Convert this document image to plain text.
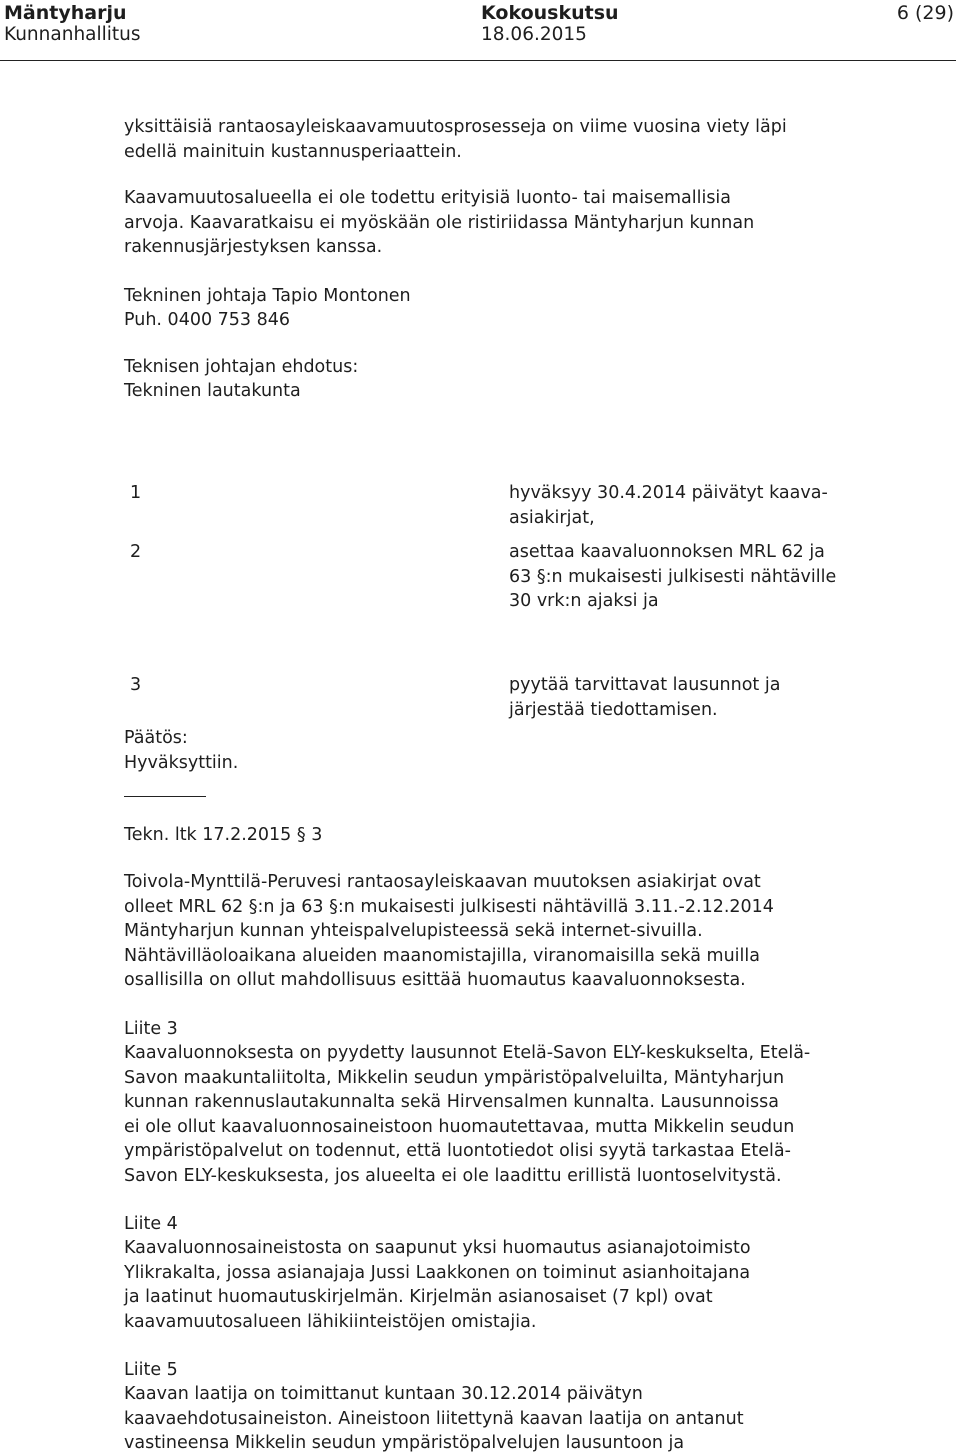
Mäntyharju
Kunnanhallitus
Kokouskutsu
18.06.2015
6 (29)
yksittäisiä rantaosayleiskaavamuutosprosesseja on viime vuosina viety läpi
edellä mainituin kustannusperiaattein.
Kaavamuutosalueella ei ole todettu erityisiä luonto- tai maisemallisia
arvoja. Kaavaratkaisu ei myöskään ole ristiriidassa Mäntyharjun kunnan
rakennusjärjestyksen kanssa.
Tekninen johtaja Tapio Montonen
Puh. 0400 753 846
Teknisen johtajan ehdotus:
Tekninen lautakunta
1	hyväksyy 30.4.2014 päivätyt kaava-
asiakirjat,
2	asettaa kaavaluonnoksen MRL 62 ja
63 §:n mukaisesti julkisesti nähtäville
30 vrk:n ajaksi ja
3	pyytää tarvittavat lausunnot ja
järjestää tiedottamisen.
Päätös:
Hyväksyttiin.
Tekn. ltk 17.2.2015 § 3
Toivola-Mynttilä-Peruvesi rantaosayleiskaavan muutoksen asiakirjat ovat
olleet MRL 62 §:n ja 63 §:n mukaisesti julkisesti nähtävillä 3.11.-2.12.2014
Mäntyharjun kunnan yhteispalvelupisteessä sekä internet-sivuilla.
Nähtävilläoloaikana alueiden maanomistajilla, viranomaisilla sekä muilla
osallisilla on ollut mahdollisuus esittää huomautus kaavaluonnoksesta.
Liite 3
Kaavaluonnoksesta on pyydetty lausunnot Etelä-Savon ELY-keskukselta, Etelä-
Savon maakuntaliitolta, Mikkelin seudun ympäristöpalveluilta, Mäntyharjun
kunnan rakennuslautakunnalta sekä Hirvensalmen kunnalta. Lausunnoissa
ei ole ollut kaavaluonnosaineistoon huomautettavaa, mutta Mikkelin seudun
ympäristöpalvelut on todennut, että luontotiedot olisi syytä tarkastaa Etelä-
Savon ELY-keskuksesta, jos alueelta ei ole laadittu erillistä luontoselvitystä.
Liite 4
Kaavaluonnosaineistosta on saapunut yksi huomautus asianajotoimisto
Ylikrakalta, jossa asianajaja Jussi Laakkonen on toiminut asianhoitajana
ja laatinut huomautuskirjelmän. Kirjelmän asianosaiset (7 kpl) ovat
kaavamuutosalueen lähikiinteistöjen omistajia.
Liite 5
Kaavan laatija on toimittanut kuntaan 30.12.2014 päivätyn
kaavaehdotusaineiston. Aineistoon liitettynä kaavan laatija on antanut
vastineensa Mikkelin seudun ympäristöpalvelujen lausuntoon ja
